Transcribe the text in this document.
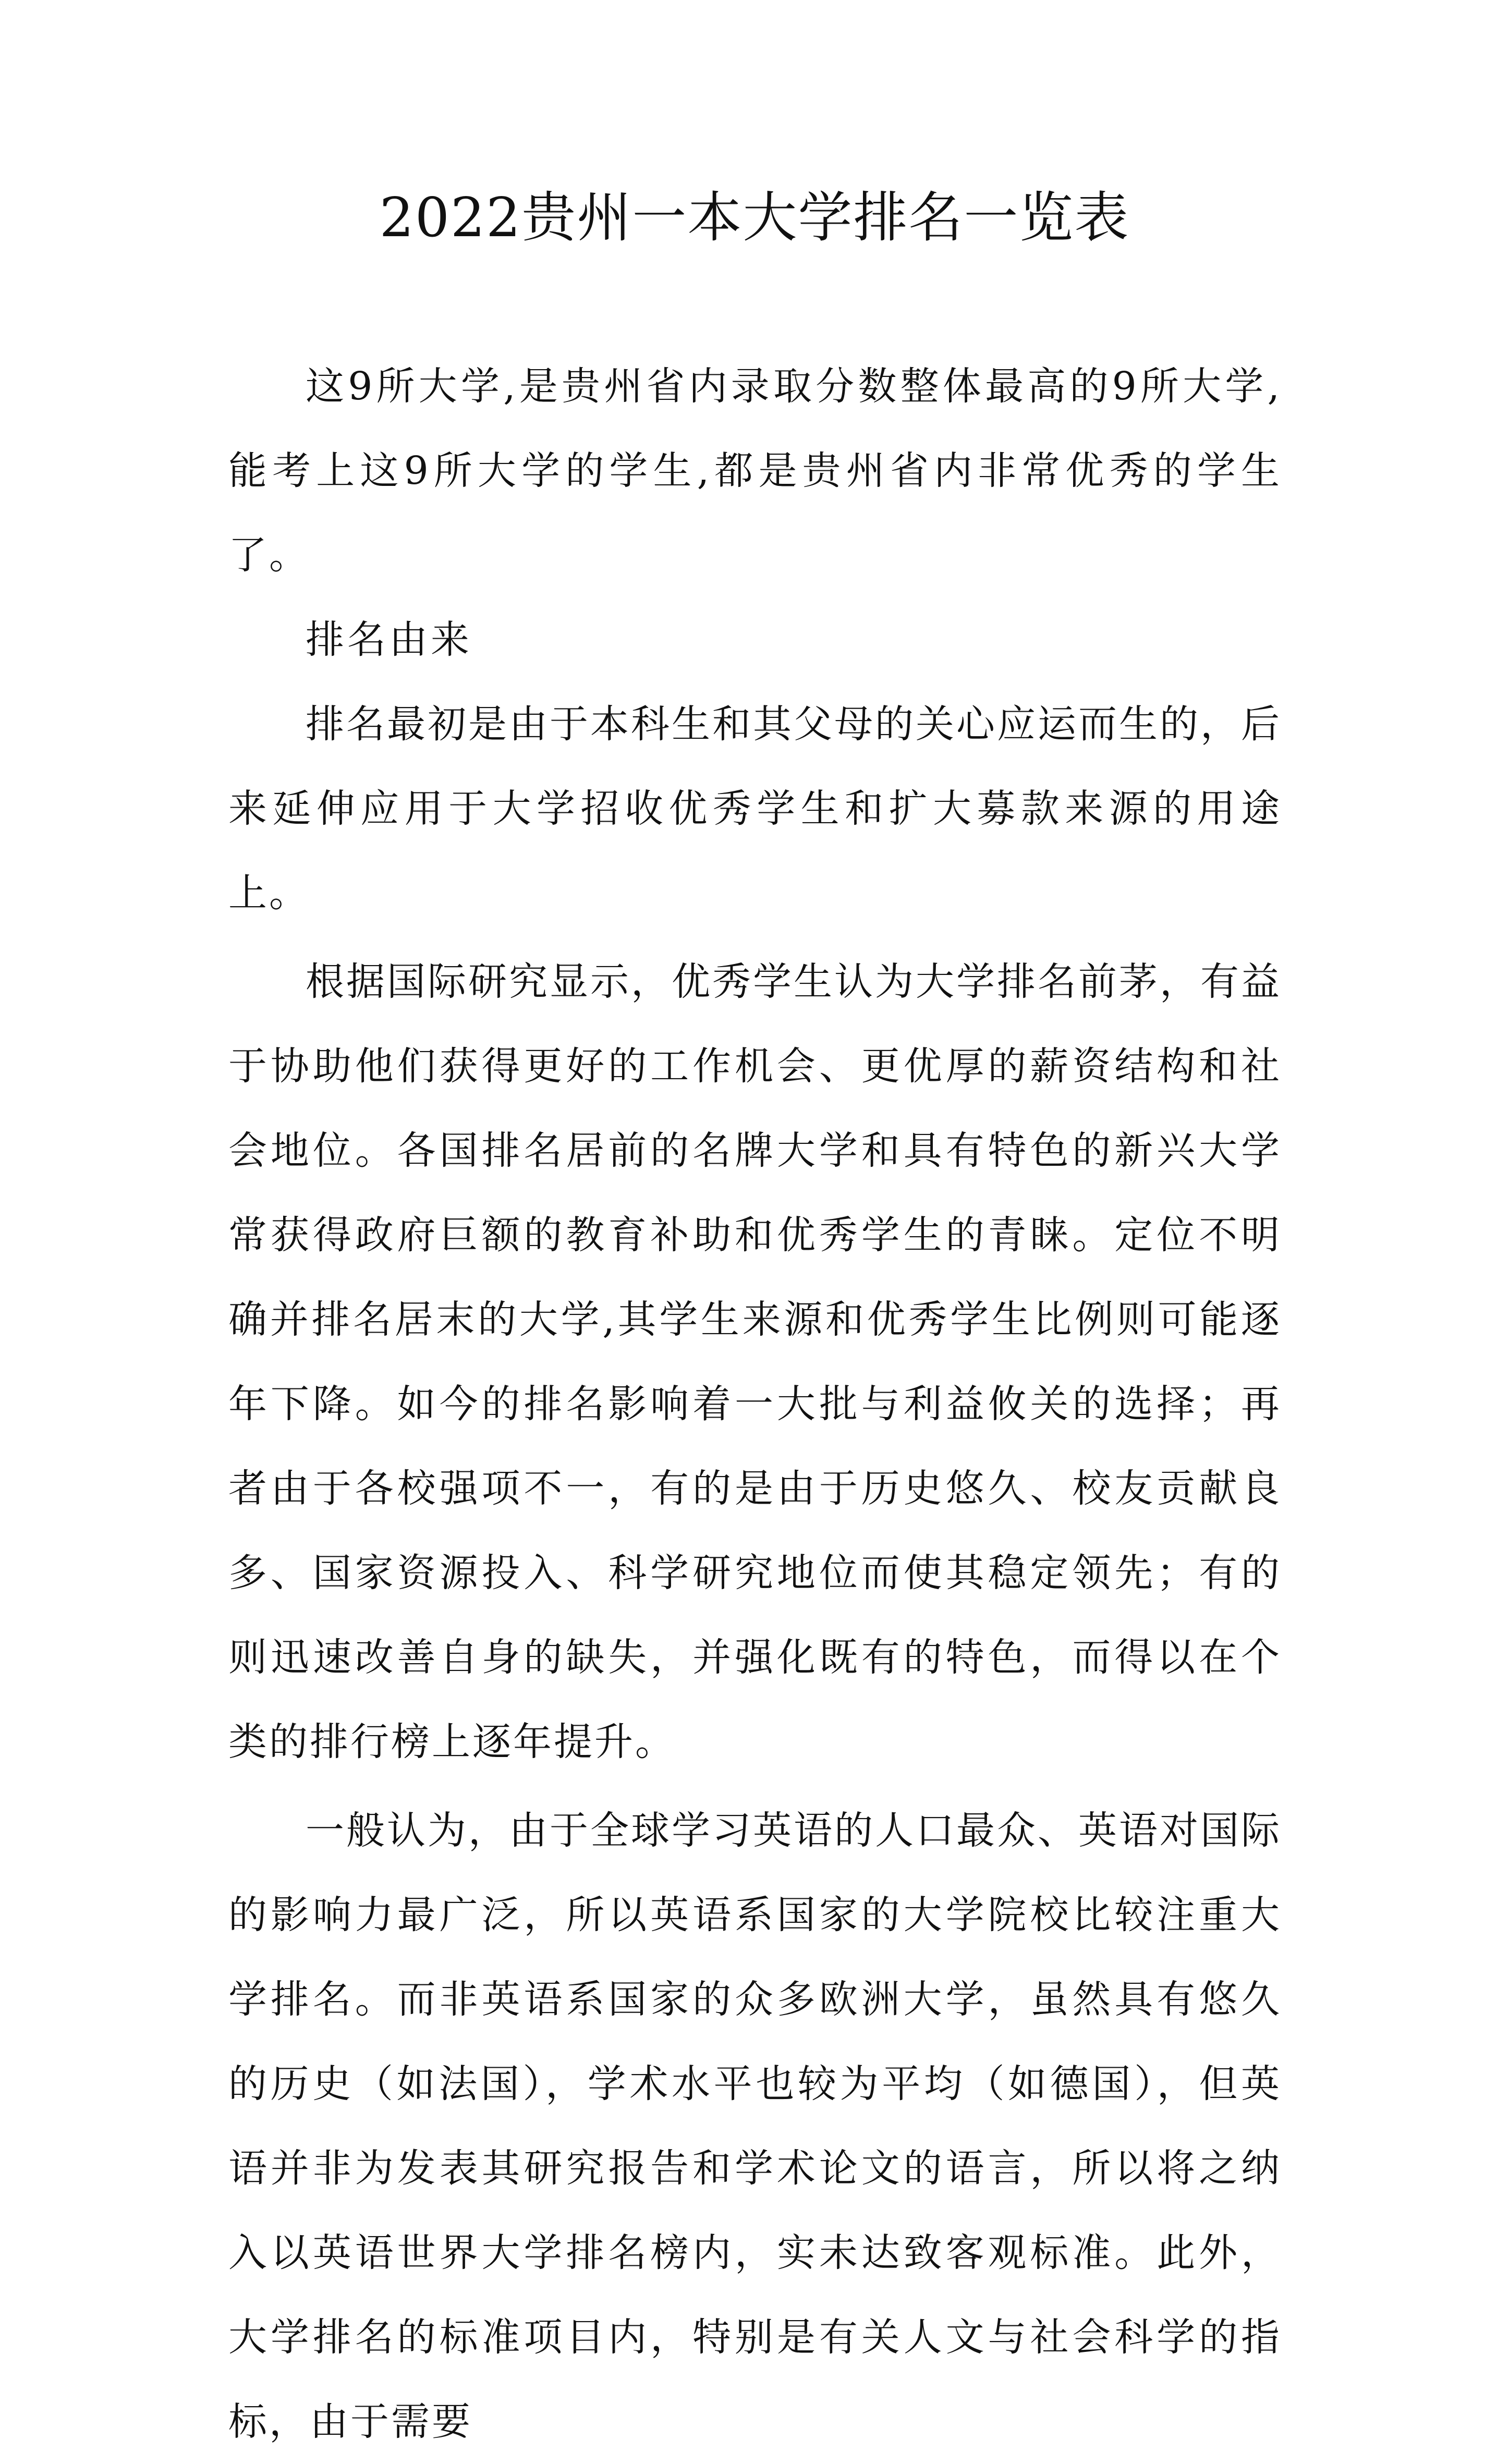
2022贵州一本大学排名一览表

这9所大学,是贵州省内录取分数整体最高的9所大学,能考上这9所大学的学生,都是贵州省内非常优秀的学生了。

排名由来

排名最初是由于本科生和其父母的关心应运而生的，后来延伸应用于大学招收优秀学生和扩大募款来源的用途上。

根据国际研究显示，优秀学生认为大学排名前茅，有益于协助他们获得更好的工作机会、更优厚的薪资结构和社会地位。各国排名居前的名牌大学和具有特色的新兴大学常获得政府巨额的教育补助和优秀学生的青睐。定位不明确并排名居末的大学,其学生来源和优秀学生比例则可能逐年下降。如今的排名影响着一大批与利益攸关的选择；再者由于各校强项不一，有的是由于历史悠久、校友贡献良多、国家资源投入、科学研究地位而使其稳定领先；有的则迅速改善自身的缺失，并强化既有的特色，而得以在个类的排行榜上逐年提升。

一般认为，由于全球学习英语的人口最众、英语对国际的影响力最广泛，所以英语系国家的大学院校比较注重大学排名。而非英语系国家的众多欧洲大学，虽然具有悠久的历史（如法国），学术水平也较为平均（如德国），但英语并非为发表其研究报告和学术论文的语言，所以将之纳入以英语世界大学排名榜内，实未达致客观标准。此外，大学排名的标准项目内，特别是有关人文与社会科学的指标，由于需要
